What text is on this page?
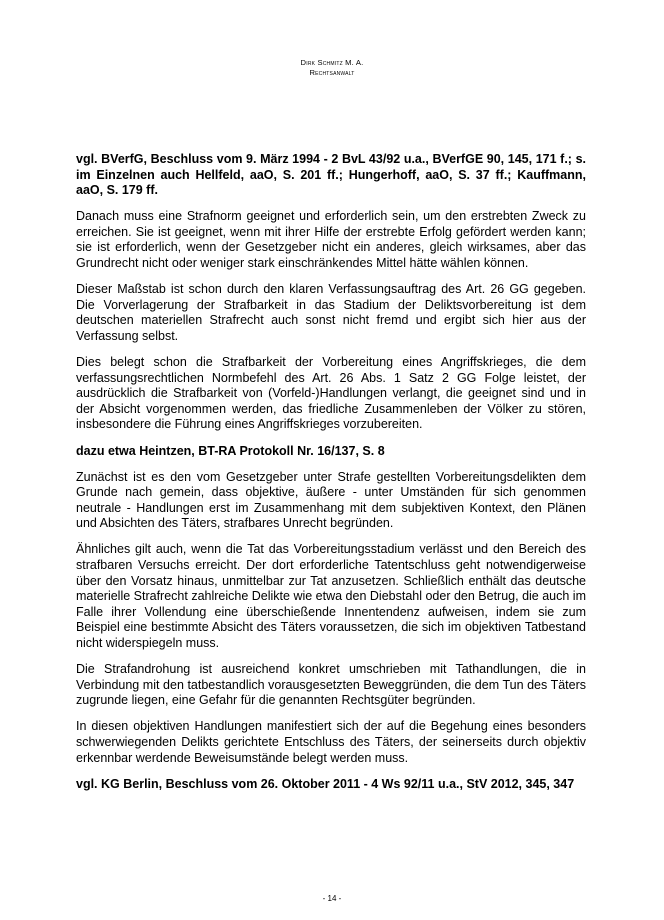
Dirk Schmitz M. A.
Rechtsanwalt

vgl. BVerfG, Beschluss vom 9. März 1994 - 2 BvL 43/92 u.a., BVerfGE 90, 145, 171 f.; s. im Einzelnen auch Hellfeld, aaO, S. 201 ff.; Hungerhoff, aaO, S. 37 ff.; Kauffmann, aaO, S. 179 ff.

Danach muss eine Strafnorm geeignet und erforderlich sein, um den erstrebten Zweck zu erreichen. Sie ist geeignet, wenn mit ihrer Hilfe der erstrebte Erfolg gefördert werden kann; sie ist erforderlich, wenn der Gesetzgeber nicht ein anderes, gleich wirksames, aber das Grundrecht nicht oder weniger stark einschränkendes Mittel hätte wählen können.

Dieser Maßstab ist schon durch den klaren Verfassungsauftrag des Art. 26 GG gegeben. Die Vorverlagerung der Strafbarkeit in das Stadium der Deliktsvorbereitung ist dem deutschen materiellen Strafrecht auch sonst nicht fremd und ergibt sich hier aus der Verfassung selbst.

Dies belegt schon die Strafbarkeit der Vorbereitung eines Angriffskrieges, die dem verfassungsrechtlichen Normbefehl des Art. 26 Abs. 1 Satz 2 GG Folge leistet, der ausdrücklich die Strafbarkeit von (Vorfeld-)Handlungen verlangt, die geeignet sind und in der Absicht vorgenommen werden, das friedliche Zusammenleben der Völker zu stören, insbesondere die Führung eines Angriffskrieges vorzubereiten.

dazu etwa Heintzen, BT-RA Protokoll Nr. 16/137, S. 8

Zunächst ist es den vom Gesetzgeber unter Strafe gestellten Vorbereitungsdelikten dem Grunde nach gemein, dass objektive, äußere - unter Umständen für sich genommen neutrale - Handlungen erst im Zusammenhang mit dem subjektiven Kontext, den Plänen und Absichten des Täters, strafbares Unrecht begründen.

Ähnliches gilt auch, wenn die Tat das Vorbereitungsstadium verlässt und den Bereich des strafbaren Versuchs erreicht. Der dort erforderliche Tatentschluss geht notwendigerweise über den Vorsatz hinaus, unmittelbar zur Tat anzusetzen. Schließlich enthält das deutsche materielle Strafrecht zahlreiche Delikte wie etwa den Diebstahl oder den Betrug, die auch im Falle ihrer Vollendung eine überschießende Innentendenz aufweisen, indem sie zum Beispiel eine bestimmte Absicht des Täters voraussetzen, die sich im objektiven Tatbestand nicht widerspiegeln muss.

Die Strafandrohung ist ausreichend konkret umschrieben mit Tathandlungen, die in Verbindung mit den tatbestandlich vorausgesetzten Beweggründen, die dem Tun des Täters zugrunde liegen, eine Gefahr für die genannten Rechtsgüter begründen.

In diesen objektiven Handlungen manifestiert sich der auf die Begehung eines besonders schwerwiegenden Delikts gerichtete Entschluss des Täters, der seinerseits durch objektiv erkennbar werdende Beweisumstände belegt werden muss.

vgl. KG Berlin, Beschluss vom 26. Oktober 2011 - 4 Ws 92/11 u.a., StV 2012, 345, 347

- 14 -
